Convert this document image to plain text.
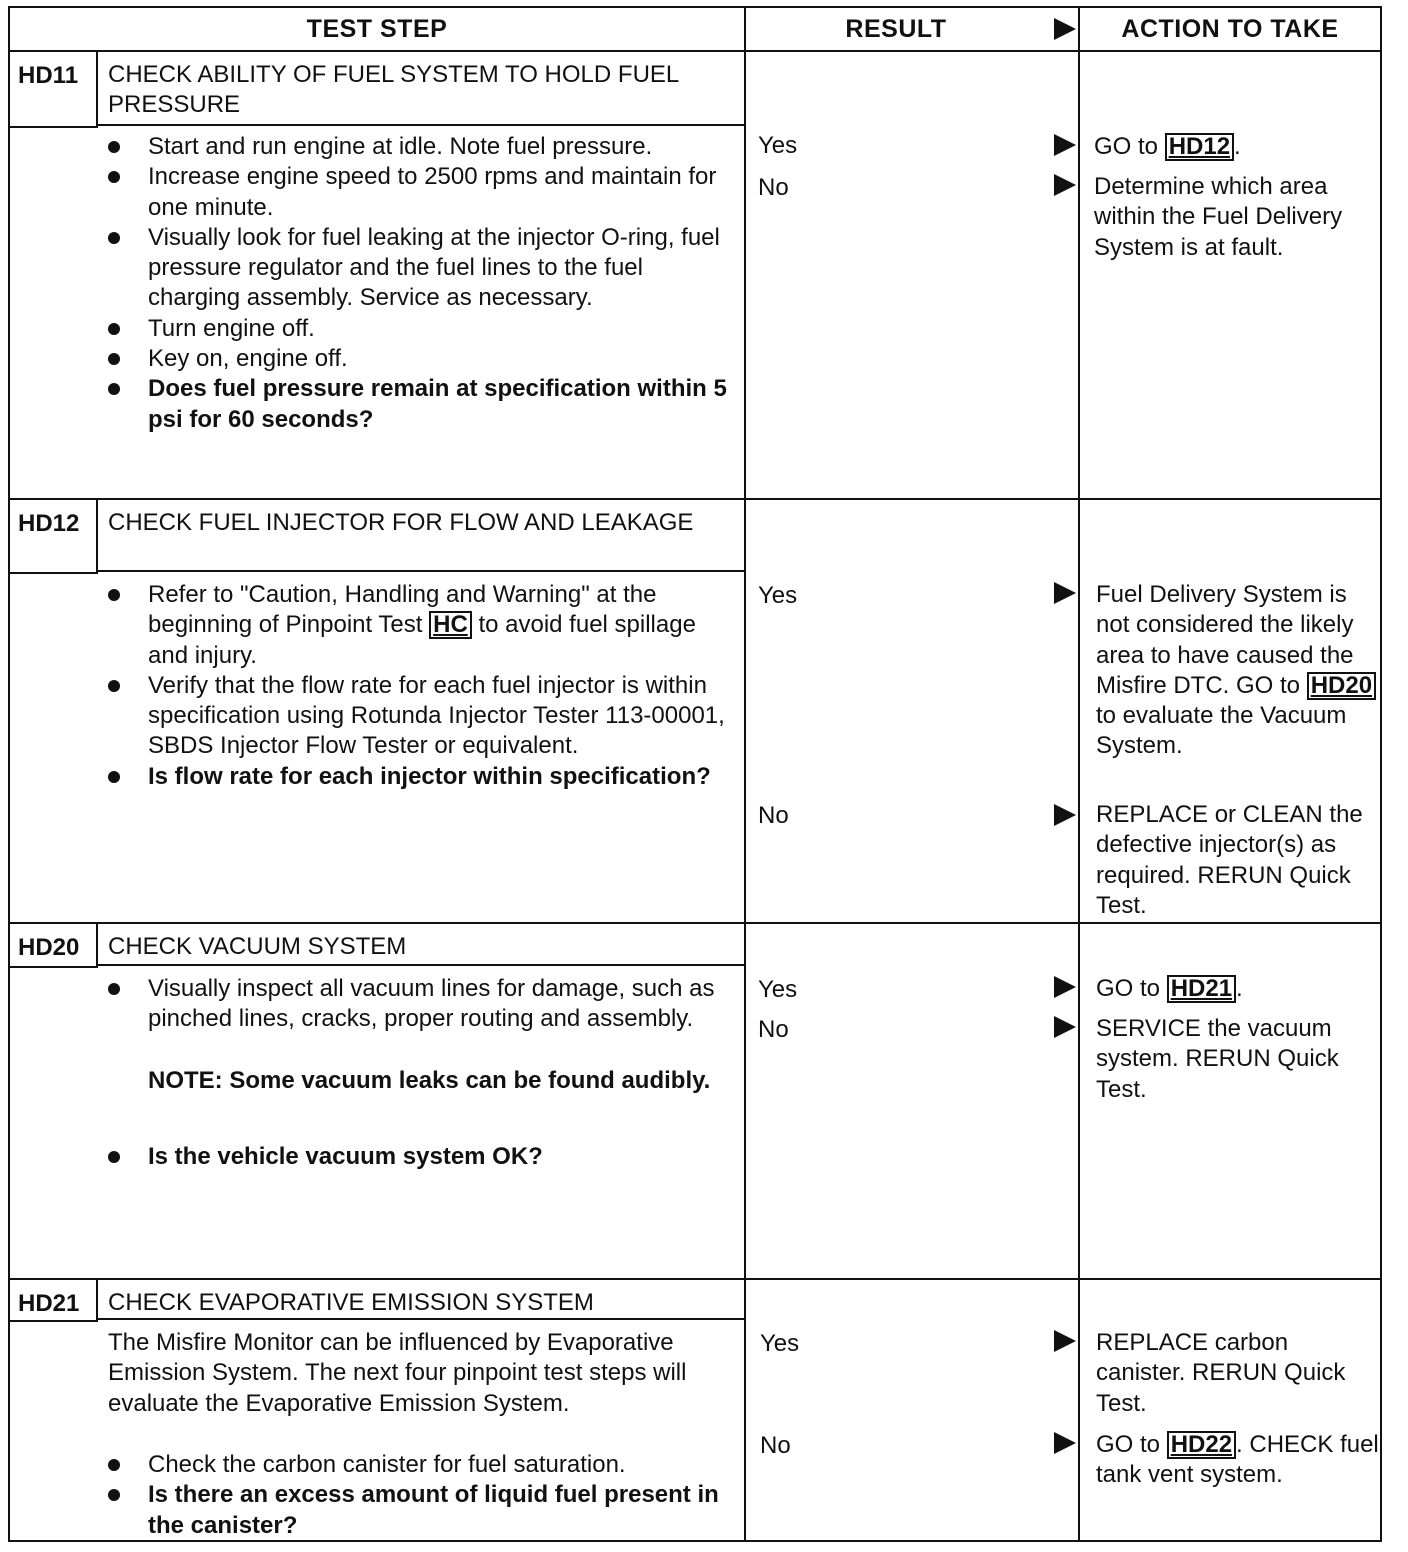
TEST STEP	RESULT	ACTION TO TAKE
HD11 CHECK ABILITY OF FUEL SYSTEM TO HOLD FUEL PRESSURE
Start and run engine at idle. Note fuel pressure.
Increase engine speed to 2500 rpms and maintain for one minute.
Visually look for fuel leaking at the injector O-ring, fuel pressure regulator and the fuel lines to the fuel charging assembly. Service as necessary.
Turn engine off.
Key on, engine off.
Does fuel pressure remain at specification within 5 psi for 60 seconds?
Yes	GO to HD12 .
No	Determine which area within the Fuel Delivery System is at fault.
HD12 CHECK FUEL INJECTOR FOR FLOW AND LEAKAGE
Refer to "Caution, Handling and Warning" at the beginning of Pinpoint Test HC to avoid fuel spillage and injury.
Verify that the flow rate for each fuel injector is within specification using Rotunda Injector Tester 113-00001, SBDS Injector Flow Tester or equivalent.
Is flow rate for each injector within specification?
Yes	Fuel Delivery System is not considered the likely area to have caused the Misfire DTC. GO to HD20 to evaluate the Vacuum System.
No	REPLACE or CLEAN the defective injector(s) as required. RERUN Quick Test.
HD20 CHECK VACUUM SYSTEM
Visually inspect all vacuum lines for damage, such as pinched lines, cracks, proper routing and assembly.
NOTE: Some vacuum leaks can be found audibly.
Is the vehicle vacuum system OK?
Yes	GO to HD21 .
No	SERVICE the vacuum system. RERUN Quick Test.
HD21 CHECK EVAPORATIVE EMISSION SYSTEM
The Misfire Monitor can be influenced by Evaporative Emission System. The next four pinpoint test steps will evaluate the Evaporative Emission System.
Check the carbon canister for fuel saturation.
Is there an excess amount of liquid fuel present in the canister?
Yes	REPLACE carbon canister. RERUN Quick Test.
No	GO to HD22 . CHECK fuel tank vent system.
